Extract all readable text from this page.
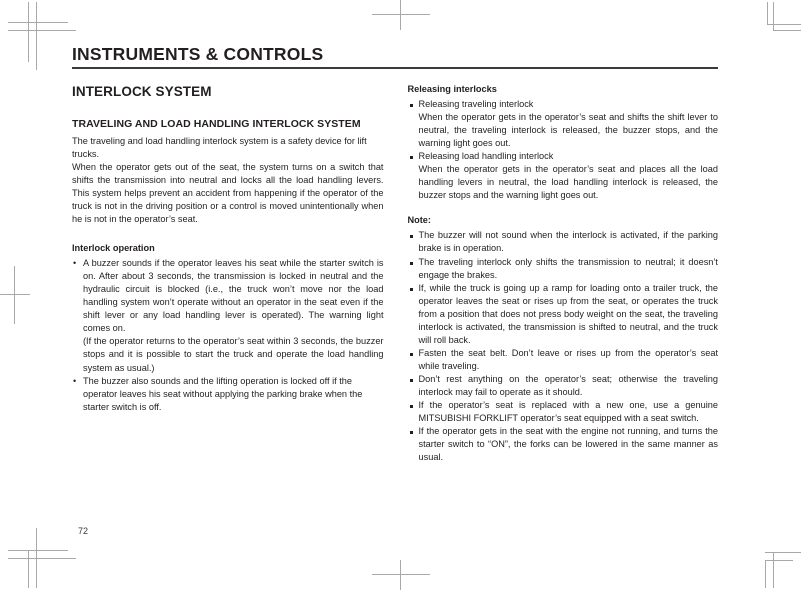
INSTRUMENTS & CONTROLS
INTERLOCK SYSTEM
TRAVELING AND LOAD HANDLING INTERLOCK SYSTEM

The traveling and load handling interlock system is a safety device for lift trucks.

When the operator gets out of the seat, the system turns on a switch that shifts the transmission into neutral and locks all the load handling levers. This system helps prevent an accident from happening if the operator of the truck is not in the driving position or a control is moved unintentionally when he is not in the operator’s seat.

Interlock operation
• A buzzer sounds if the operator leaves his seat while the starter switch is on. After about 3 seconds, the transmission is locked in neutral and the hydraulic circuit is blocked (i.e., the truck won’t move nor the load handling system won’t operate without an operator in the seat even if the shift lever or any load handling lever is operated). The warning light comes on.
(If the operator returns to the operator’s seat within 3 seconds, the buzzer stops and it is possible to start the truck and operate the load handling system as usual.)
• The buzzer also sounds and the lifting operation is locked off if the operator leaves his seat without applying the parking brake when the starter switch is off.
Releasing interlocks
Releasing traveling interlock
When the operator gets in the operator’s seat and shifts the shift lever to neutral, the traveling interlock is released, the buzzer stops, and the warning light goes out.
Releasing load handling interlock
When the operator gets in the operator’s seat and places all the load handling levers in neutral, the load handling interlock is released, the buzzer stops and the warning light goes out.
Note:
The buzzer will not sound when the interlock is activated, if the parking brake is in operation.
The traveling interlock only shifts the transmission to neutral; it doesn’t engage the brakes.
If, while the truck is going up a ramp for loading onto a trailer truck, the operator leaves the seat or rises up from the seat, or operates the truck from a position that does not press body weight on the seat, the traveling interlock is activated, the transmission is shifted to neutral, and the truck will roll back.
Fasten the seat belt. Don’t leave or rises up from the operator’s seat while traveling.
Don’t rest anything on the operator’s seat; otherwise the traveling interlock may fail to operate as it should.
If the operator’s seat is replaced with a new one, use a genuine MITSUBISHI FORKLIFT operator’s seat equipped with a seat switch.
If the operator gets in the seat with the engine not running, and turns the starter switch to “ON”, the forks can be lowered in the same manner as usual.
72
